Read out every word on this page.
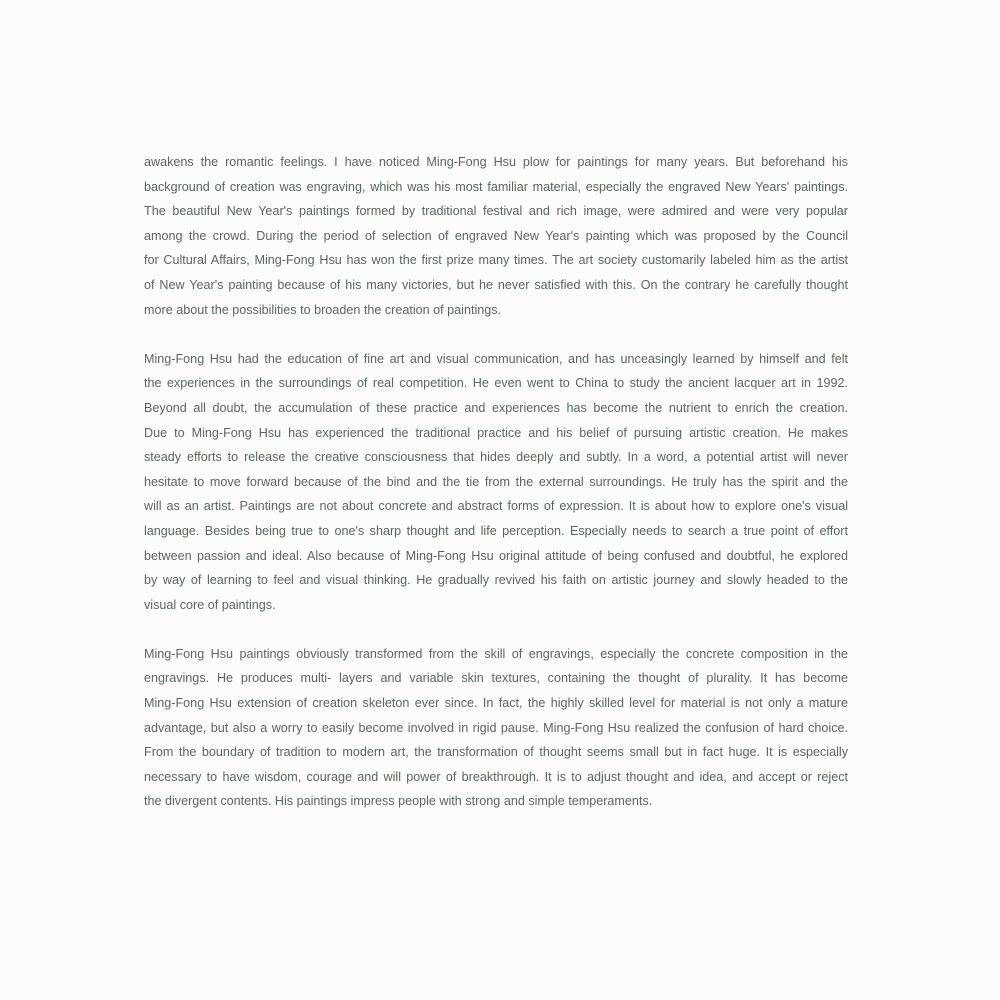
awakens the romantic feelings. I have noticed Ming-Fong Hsu plow for paintings for many years. But beforehand his
background of creation was engraving, which was his most familiar material, especially the engraved New Years' paintings.
The beautiful New Year's paintings formed by traditional festival and rich image, were admired and were very popular
among the crowd. During the period of selection of engraved New Year's painting which was proposed by the Council
for Cultural Affairs, Ming-Fong Hsu has won the first prize many times. The art society customarily labeled him as the artist
of New Year's painting because of his many victories, but he never satisfied with this. On the contrary he carefully thought
more about the possibilities to broaden the creation of paintings.

Ming-Fong Hsu had the education of fine art and visual communication, and has unceasingly learned by himself and felt
the experiences in the surroundings of real competition. He even went to China to study the ancient lacquer art in 1992.
Beyond all doubt, the accumulation of these practice and experiences has become the nutrient to enrich the creation.
Due to Ming-Fong Hsu has experienced the traditional practice and his belief of pursuing artistic creation. He makes
steady efforts to release the creative consciousness that hides deeply and subtly. In a word, a potential artist will never
hesitate to move forward because of the bind and the tie from the external surroundings. He truly has the spirit and the
will as an artist. Paintings are not about concrete and abstract forms of expression. It is about how to explore one's visual
language. Besides being true to one's sharp thought and life perception. Especially needs to search a true point of effort
between passion and ideal. Also because of Ming-Fong Hsu original attitude of being confused and doubtful, he explored
by way of learning to feel and visual thinking. He gradually revived his faith on artistic journey and slowly headed to the
visual core of paintings.

Ming-Fong Hsu paintings obviously transformed from the skill of engravings, especially the concrete composition in the
engravings. He produces multi- layers and variable skin textures, containing the thought of plurality. It has become
Ming-Fong Hsu extension of creation skeleton ever since. In fact, the highly skilled level for material is not only a mature
advantage, but also a worry to easily become involved in rigid pause. Ming-Fong Hsu realized the confusion of hard choice.
From the boundary of tradition to modern art, the transformation of thought seems small but in fact huge. It is especially
necessary to have wisdom, courage and will power of breakthrough. It is to adjust thought and idea, and accept or reject
the divergent contents. His paintings impress people with strong and simple temperaments.
